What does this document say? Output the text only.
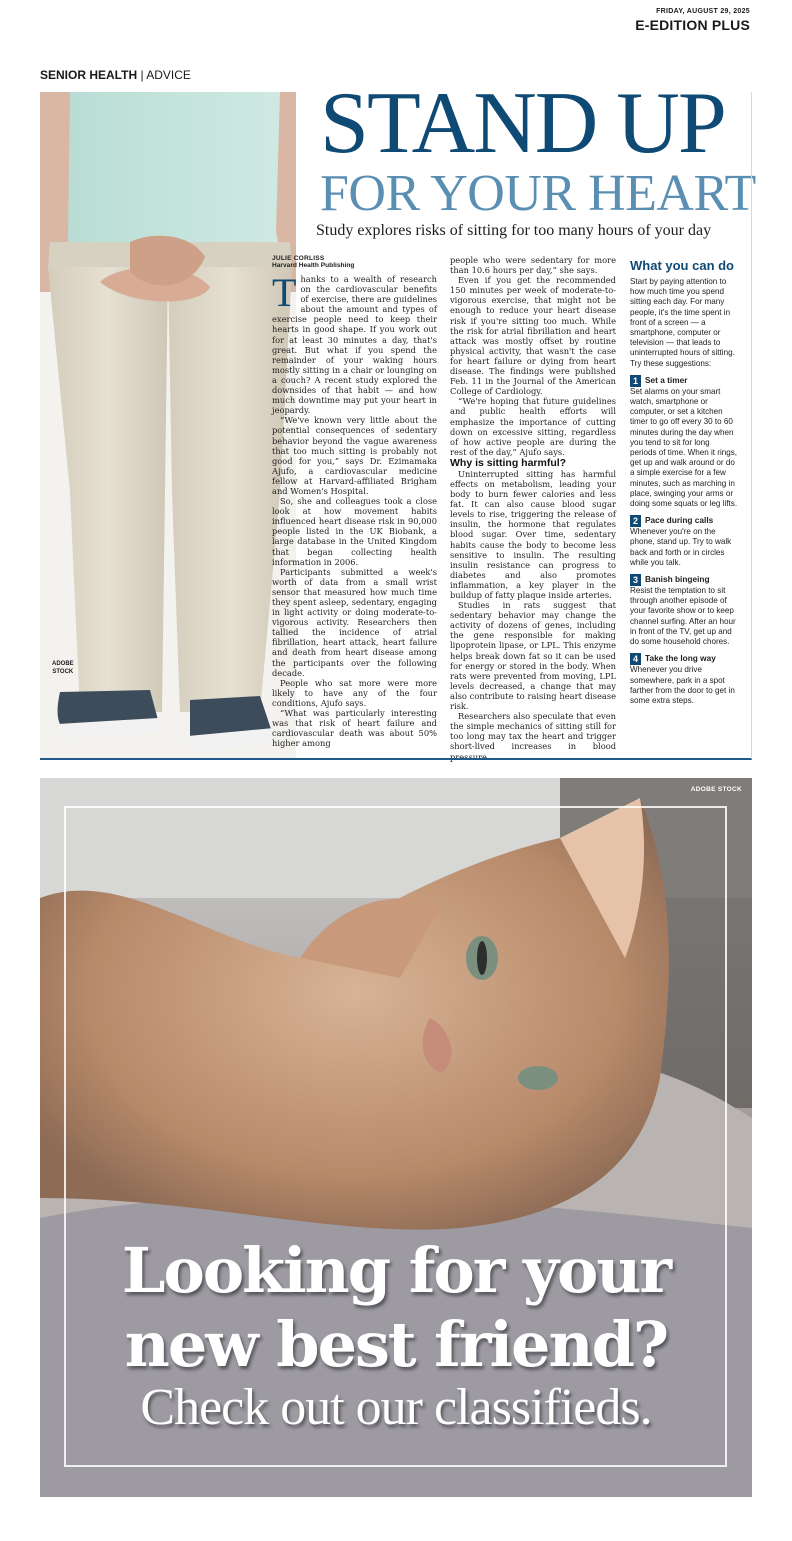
FRIDAY, AUGUST 29, 2025
E-EDITION PLUS
SENIOR HEALTH | ADVICE
ADOBE
STOCK
STAND UP
FOR YOUR HEART
Study explores risks of sitting for too many hours of your day
JULIE CORLISS
Harvard Health Publishing

Thanks to a wealth of research on the cardiovascular benefits of exercise, there are guidelines about the amount and types of exercise people need to keep their hearts in good shape. If you work out for at least 30 minutes a day, that's great. But what if you spend the remainder of your waking hours mostly sitting in a chair or lounging on a couch? A recent study explored the downsides of that habit — and how much downtime may put your heart in jeopardy.

“We've known very little about the potential consequences of sedentary behavior beyond the vague awareness that too much sitting is probably not good for you,” says Dr. Ezimamaka Ajufo, a cardiovascular medicine fellow at Harvard-affiliated Brigham and Women's Hospital.

So, she and colleagues took a close look at how movement habits influenced heart disease risk in 90,000 people listed in the UK Biobank, a large database in the United Kingdom that began collecting health information in 2006.

Participants submitted a week's worth of data from a small wrist sensor that measured how much time they spent asleep, sedentary, engaging in light activity or doing moderate-to-vigorous activity. Researchers then tallied the incidence of atrial fibrillation, heart attack, heart failure and death from heart disease among the participants over the following decade.

People who sat more were more likely to have any of the four conditions, Ajufo says.

“What was particularly interesting was that risk of heart failure and cardiovascular death was about 50% higher among

people who were sedentary for more than 10.6 hours per day,” she says.

Even if you get the recommended 150 minutes per week of moderate-to-vigorous exercise, that might not be enough to reduce your heart disease risk if you're sitting too much. While the risk for atrial fibrillation and heart attack was mostly offset by routine physical activity, that wasn't the case for heart failure or dying from heart disease. The findings were published Feb. 11 in the Journal of the American College of Cardiology.

“We're hoping that future guidelines and public health efforts will emphasize the importance of cutting down on excessive sitting, regardless of how active people are during the rest of the day,” Ajufo says.

Why is sitting harmful?

Uninterrupted sitting has harmful effects on metabolism, leading your body to burn fewer calories and less fat. It can also cause blood sugar levels to rise, triggering the release of insulin, the hormone that regulates blood sugar. Over time, sedentary habits cause the body to become less sensitive to insulin. The resulting insulin resistance can progress to diabetes and also promotes inflammation, a key player in the buildup of fatty plaque inside arteries.

Studies in rats suggest that sedentary behavior may change the activity of dozens of genes, including the gene responsible for making lipoprotein lipase, or LPL. This enzyme helps break down fat so it can be used for energy or stored in the body. When rats were prevented from moving, LPL levels decreased, a change that may also contribute to raising heart disease risk.

Researchers also speculate that even the simple mechanics of sitting still for too long may tax the heart and trigger short-lived increases in blood pressure.

What you can do
Start by paying attention to how much time you spend sitting each day. For many people, it's the time spent in front of a screen — a smartphone, computer or television — that leads to uninterrupted hours of sitting. Try these suggestions:
1 Set a timer
Set alarms on your smart watch, smartphone or computer, or set a kitchen timer to go off every 30 to 60 minutes during the day when you tend to sit for long periods of time. When it rings, get up and walk around or do a simple exercise for a few minutes, such as marching in place, swinging your arms or doing some squats or leg lifts.
2 Pace during calls
Whenever you're on the phone, stand up. Try to walk back and forth or in circles while you talk.
3 Banish bingeing
Resist the temptation to sit through another episode of your favorite show or to keep channel surfing. After an hour in front of the TV, get up and do some household chores.
4 Take the long way
Whenever you drive somewhere, park in a spot farther from the door to get in some extra steps.
ADOBE STOCK
Looking for your
new best friend?
Check out our classifieds.
